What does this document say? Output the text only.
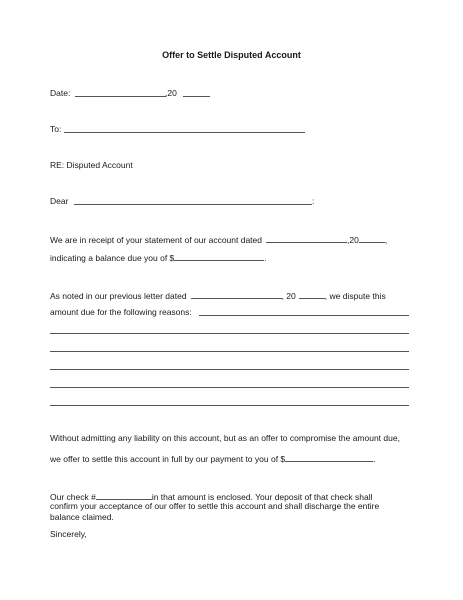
Offer to Settle Disputed Account
Date:	,20
To:
RE: Disputed Account
Dear	:
We are in receipt of your statement of our account dated	,20	,
indicating a balance due you of $	.
As noted in our previous letter dated	, 20	, we dispute this
amount due for the following reasons:
Without admitting any liability on this account, but as an offer to compromise the amount due,
we offer to settle this account in full by our payment to you of $	.
Our check #	in that amount is enclosed. Your deposit of that check shall
confirm your acceptance of our offer to settle this account and shall discharge the entire
balance claimed.
Sincerely,
